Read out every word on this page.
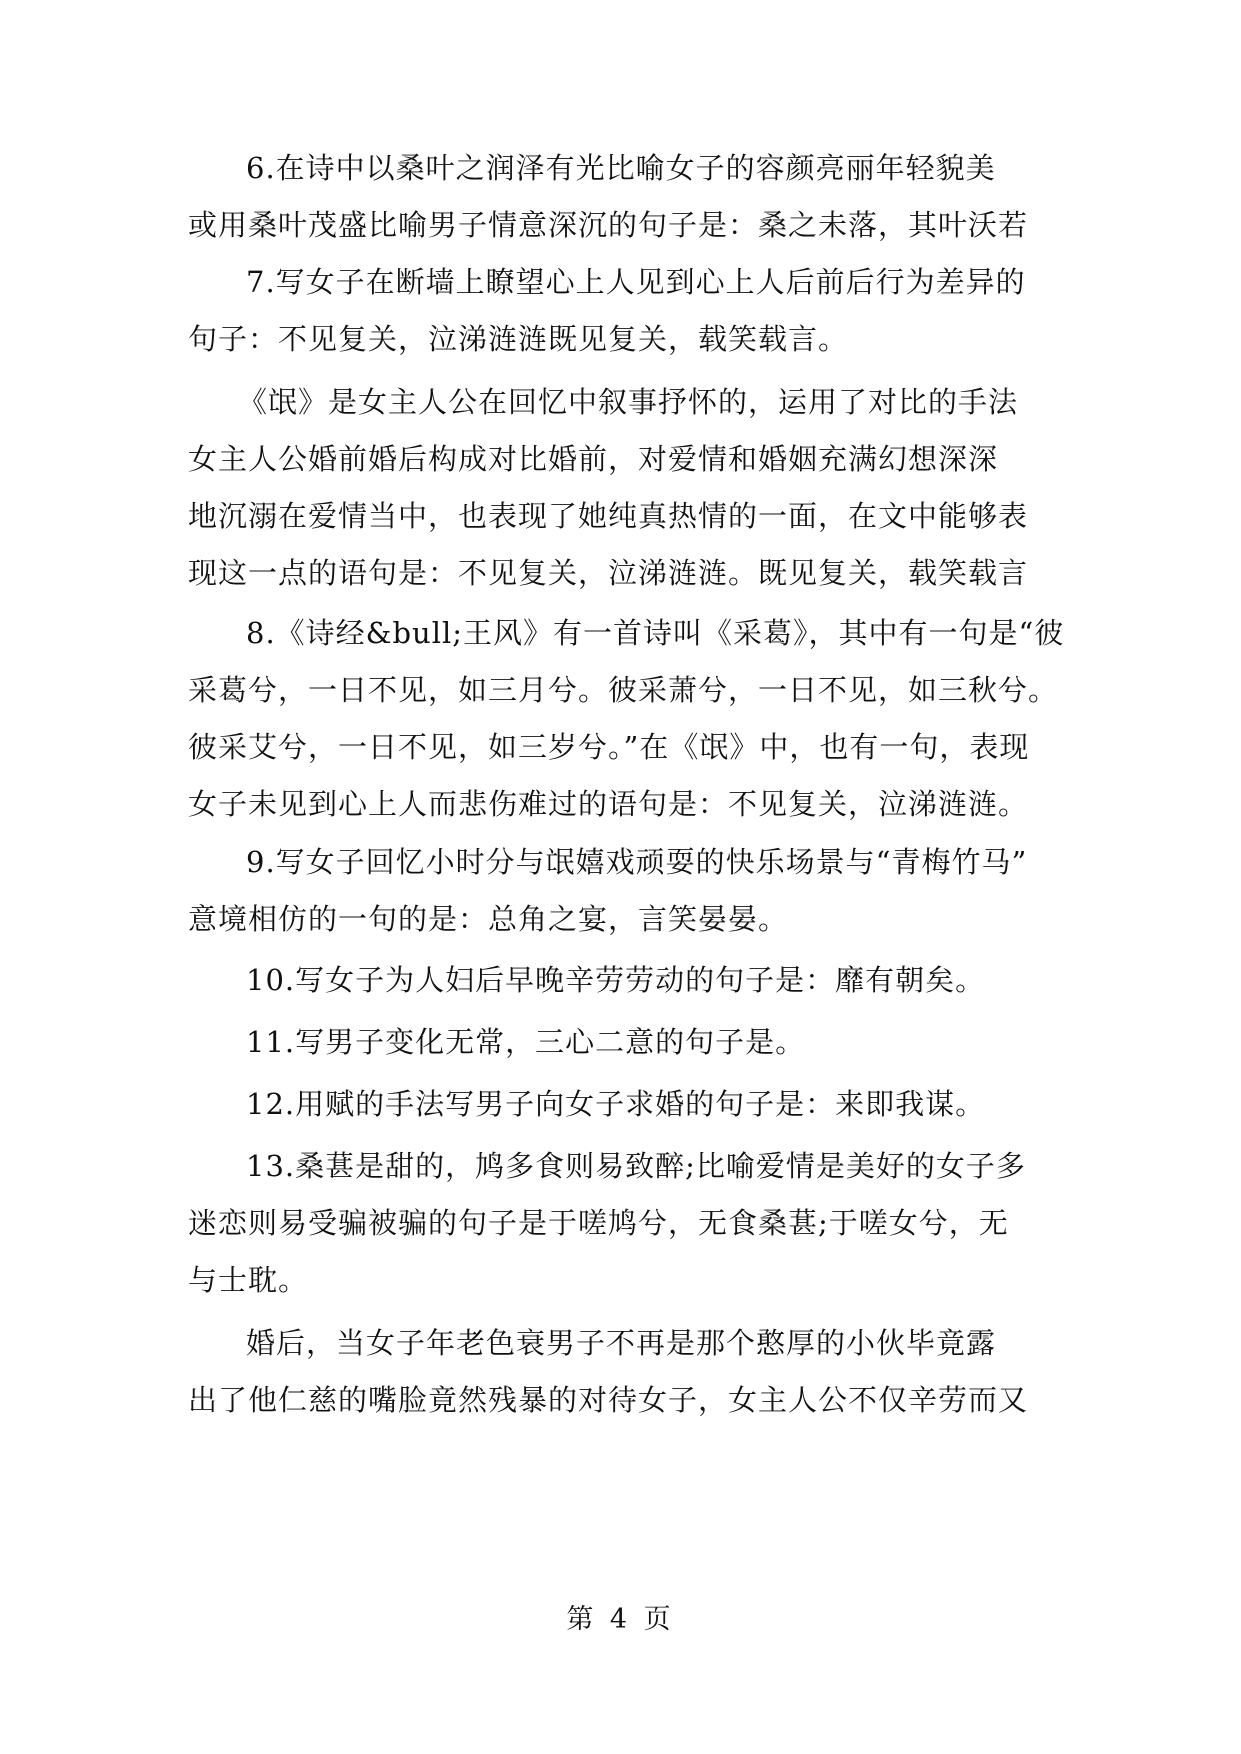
6.在诗中以桑叶之润泽有光比喻女子的容颜亮丽年轻貌美
或用桑叶茂盛比喻男子情意深沉的句子是：桑之未落，其叶沃若
7.写女子在断墙上瞭望心上人见到心上人后前后行为差异的
句子：不见复关，泣涕涟涟既见复关，载笑载言。
《氓》是女主人公在回忆中叙事抒怀的，运用了对比的手法
女主人公婚前婚后构成对比婚前，对爱情和婚姻充满幻想深深
地沉溺在爱情当中，也表现了她纯真热情的一面，在文中能够表
现这一点的语句是：不见复关，泣涕涟涟。既见复关，载笑载言
8.《诗经&bull;王风》有一首诗叫《采葛》，其中有一句是“彼
采葛兮，一日不见，如三月兮。彼采萧兮，一日不见，如三秋兮。
彼采艾兮，一日不见，如三岁兮。”在《氓》中，也有一句，表现
女子未见到心上人而悲伤难过的语句是：不见复关，泣涕涟涟。
9.写女子回忆小时分与氓嬉戏顽耍的快乐场景与“青梅竹马”
意境相仿的一句的是：总角之宴，言笑晏晏。
10.写女子为人妇后早晚辛劳劳动的句子是：靡有朝矣。
11.写男子变化无常，三心二意的句子是。
12.用赋的手法写男子向女子求婚的句子是：来即我谋。
13.桑葚是甜的，鸠多食则易致醉;比喻爱情是美好的女子多
迷恋则易受骗被骗的句子是于嗟鸠兮，无食桑葚;于嗟女兮，无
与士耽。
婚后，当女子年老色衰男子不再是那个憨厚的小伙毕竟露
出了他仁慈的嘴脸竟然残暴的对待女子，女主人公不仅辛劳而又
第 4 页
